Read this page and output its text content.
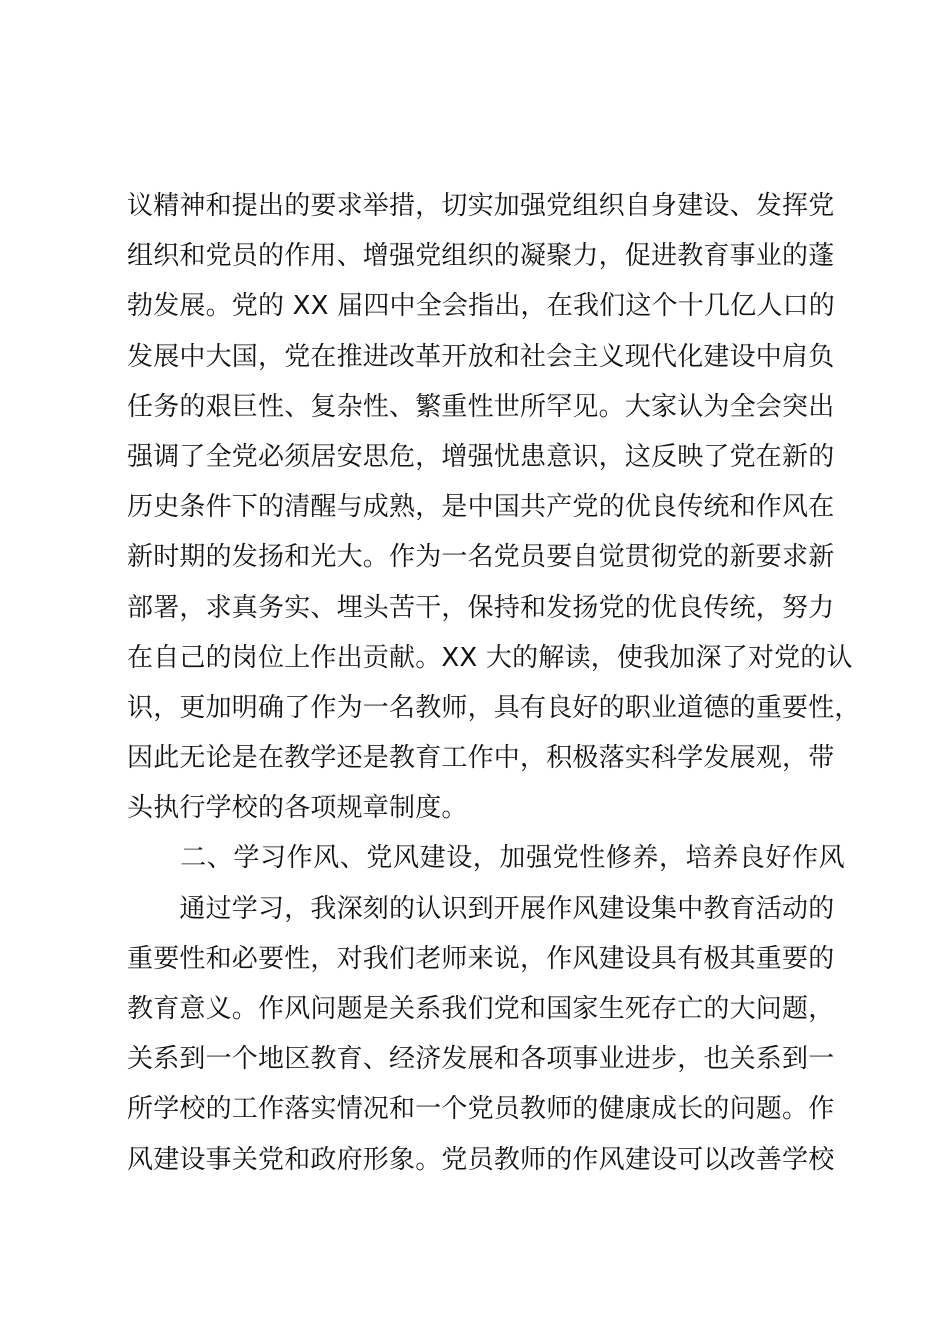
议精神和提出的要求举措，切实加强党组织自身建设、发挥党
组织和党员的作用、增强党组织的凝聚力，促进教育事业的蓬
勃发展。党的 XX 届四中全会指出，在我们这个十几亿人口的
发展中大国，党在推进改革开放和社会主义现代化建设中肩负
任务的艰巨性、复杂性、繁重性世所罕见。大家认为全会突出
强调了全党必须居安思危，增强忧患意识，这反映了党在新的
历史条件下的清醒与成熟，是中国共产党的优良传统和作风在
新时期的发扬和光大。作为一名党员要自觉贯彻党的新要求新
部署，求真务实、埋头苦干，保持和发扬党的优良传统，努力
在自己的岗位上作出贡献。XX 大的解读，使我加深了对党的认
识，更加明确了作为一名教师，具有良好的职业道德的重要性，
因此无论是在教学还是教育工作中，积极落实科学发展观，带
头执行学校的各项规章制度。
　　二、学习作风、党风建设，加强党性修养，培养良好作风
　　通过学习，我深刻的认识到开展作风建设集中教育活动的
重要性和必要性，对我们老师来说，作风建设具有极其重要的
教育意义。作风问题是关系我们党和国家生死存亡的大问题，
关系到一个地区教育、经济发展和各项事业进步，也关系到一
所学校的工作落实情况和一个党员教师的健康成长的问题。作
风建设事关党和政府形象。党员教师的作风建设可以改善学校
